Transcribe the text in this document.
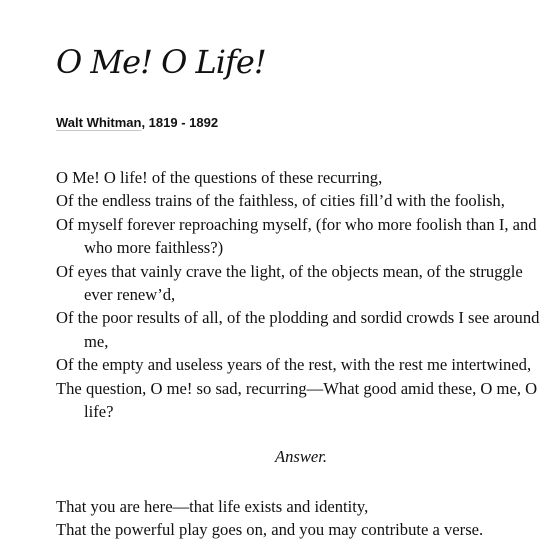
O Me! O Life!
Walt Whitman, 1819 - 1892
O Me! O life! of the questions of these recurring,
Of the endless trains of the faithless, of cities fill’d with the foolish,
Of myself forever reproaching myself, (for who more foolish than I, and who more faithless?)
Of eyes that vainly crave the light, of the objects mean, of the struggle ever renew’d,
Of the poor results of all, of the plodding and sordid crowds I see around me,
Of the empty and useless years of the rest, with the rest me intertwined,
The question, O me! so sad, recurring—What good amid these, O me, O life?
Answer.
That you are here—that life exists and identity,
That the powerful play goes on, and you may contribute a verse.
